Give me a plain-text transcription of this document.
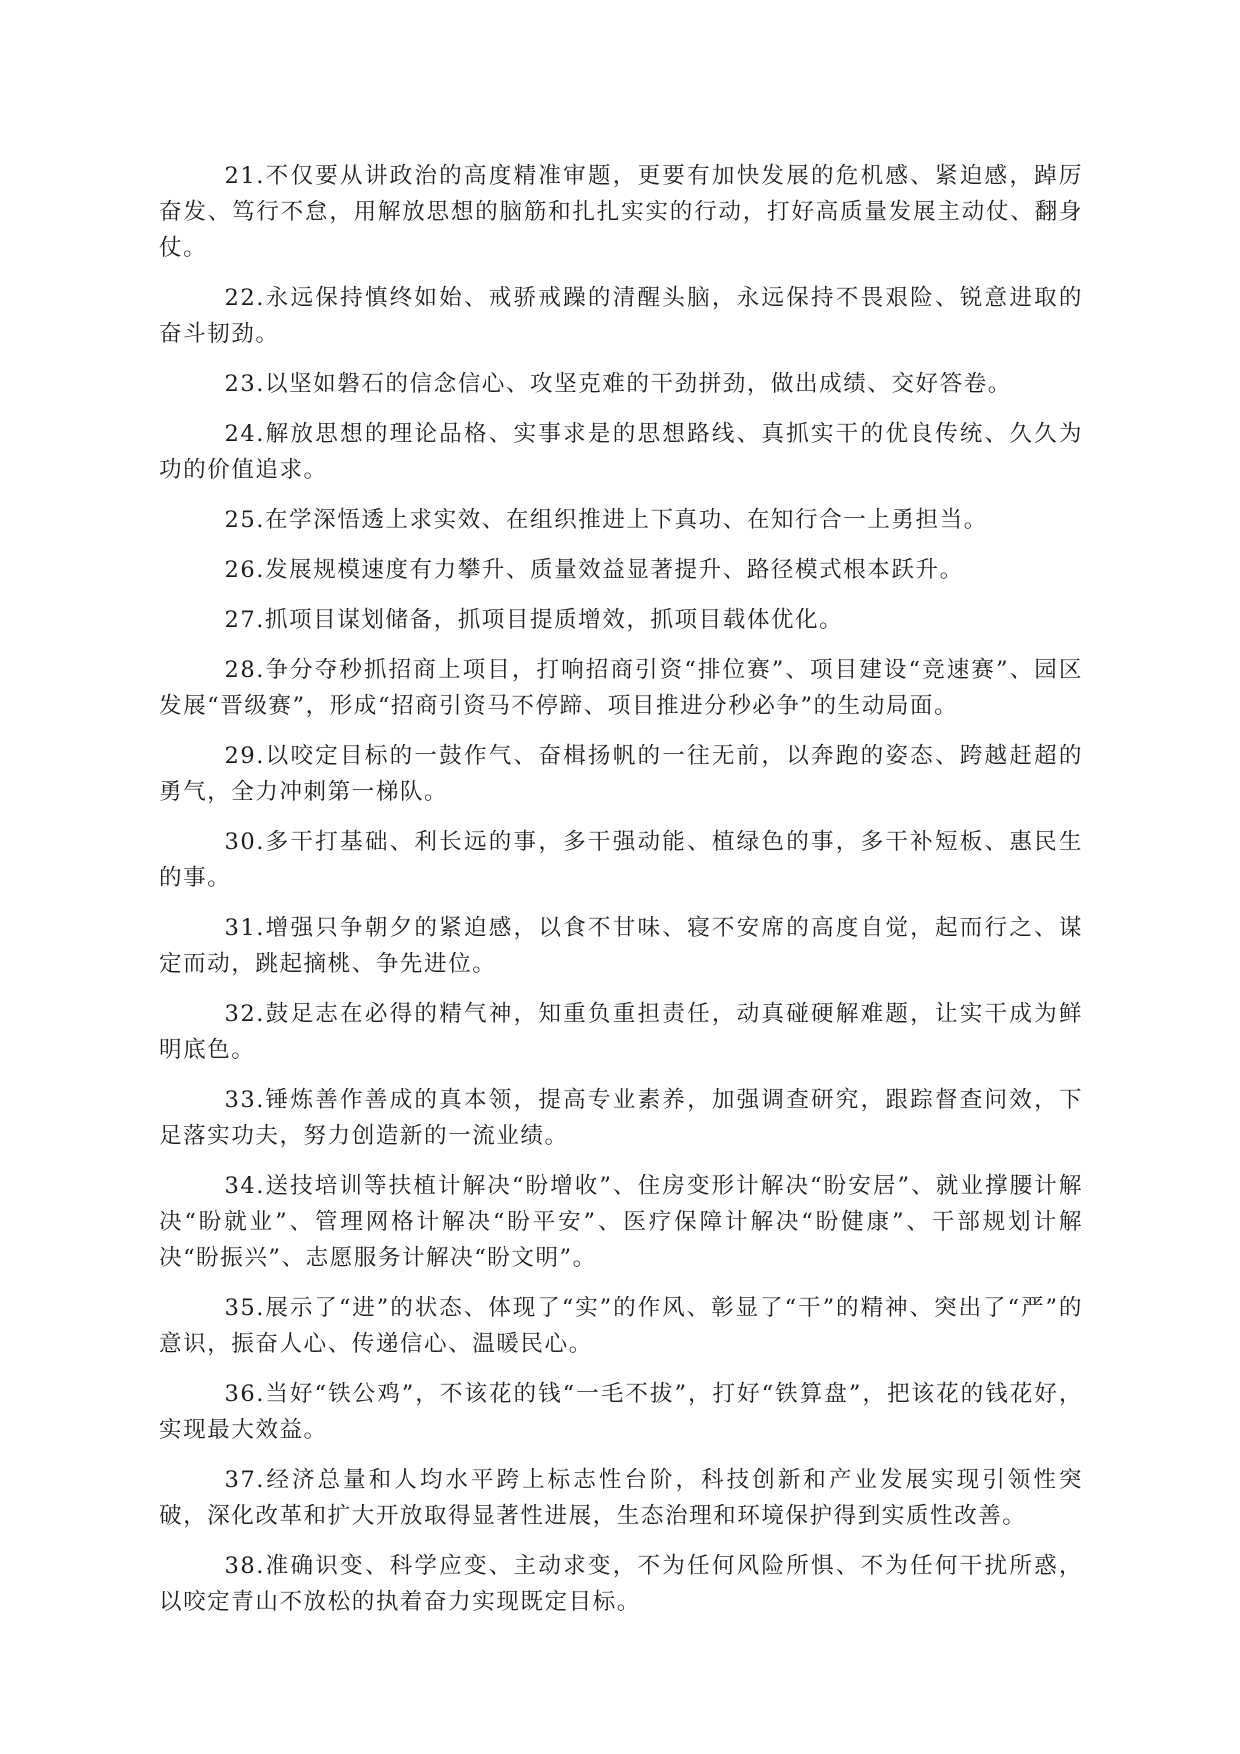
21.不仅要从讲政治的高度精准审题，更要有加快发展的危机感、紧迫感，踔厉奋发、笃行不怠，用解放思想的脑筋和扎扎实实的行动，打好高质量发展主动仗、翻身仗。

22.永远保持慎终如始、戒骄戒躁的清醒头脑，永远保持不畏艰险、锐意进取的奋斗韧劲。

23.以坚如磐石的信念信心、攻坚克难的干劲拼劲，做出成绩、交好答卷。

24.解放思想的理论品格、实事求是的思想路线、真抓实干的优良传统、久久为功的价值追求。

25.在学深悟透上求实效、在组织推进上下真功、在知行合一上勇担当。

26.发展规模速度有力攀升、质量效益显著提升、路径模式根本跃升。

27.抓项目谋划储备，抓项目提质增效，抓项目载体优化。

28.争分夺秒抓招商上项目，打响招商引资“排位赛”、项目建设“竞速赛”、园区发展“晋级赛”，形成“招商引资马不停蹄、项目推进分秒必争”的生动局面。

29.以咬定目标的一鼓作气、奋楫扬帆的一往无前，以奔跑的姿态、跨越赶超的勇气，全力冲刺第一梯队。

30.多干打基础、利长远的事，多干强动能、植绿色的事，多干补短板、惠民生的事。

31.增强只争朝夕的紧迫感，以食不甘味、寝不安席的高度自觉，起而行之、谋定而动，跳起摘桃、争先进位。

32.鼓足志在必得的精气神，知重负重担责任，动真碰硬解难题，让实干成为鲜明底色。

33.锤炼善作善成的真本领，提高专业素养，加强调查研究，跟踪督查问效，下足落实功夫，努力创造新的一流业绩。

34.送技培训等扶植计解决“盼增收”、住房变形计解决“盼安居”、就业撑腰计解决“盼就业”、管理网格计解决“盼平安”、医疗保障计解决“盼健康”、干部规划计解决“盼振兴”、志愿服务计解决“盼文明”。

35.展示了“进”的状态、体现了“实”的作风、彰显了“干”的精神、突出了“严”的意识，振奋人心、传递信心、温暖民心。

36.当好“铁公鸡”，不该花的钱“一毛不拔”，打好“铁算盘”，把该花的钱花好，实现最大效益。

37.经济总量和人均水平跨上标志性台阶，科技创新和产业发展实现引领性突破，深化改革和扩大开放取得显著性进展，生态治理和环境保护得到实质性改善。

38.准确识变、科学应变、主动求变，不为任何风险所惧、不为任何干扰所惑，以咬定青山不放松的执着奋力实现既定目标。
